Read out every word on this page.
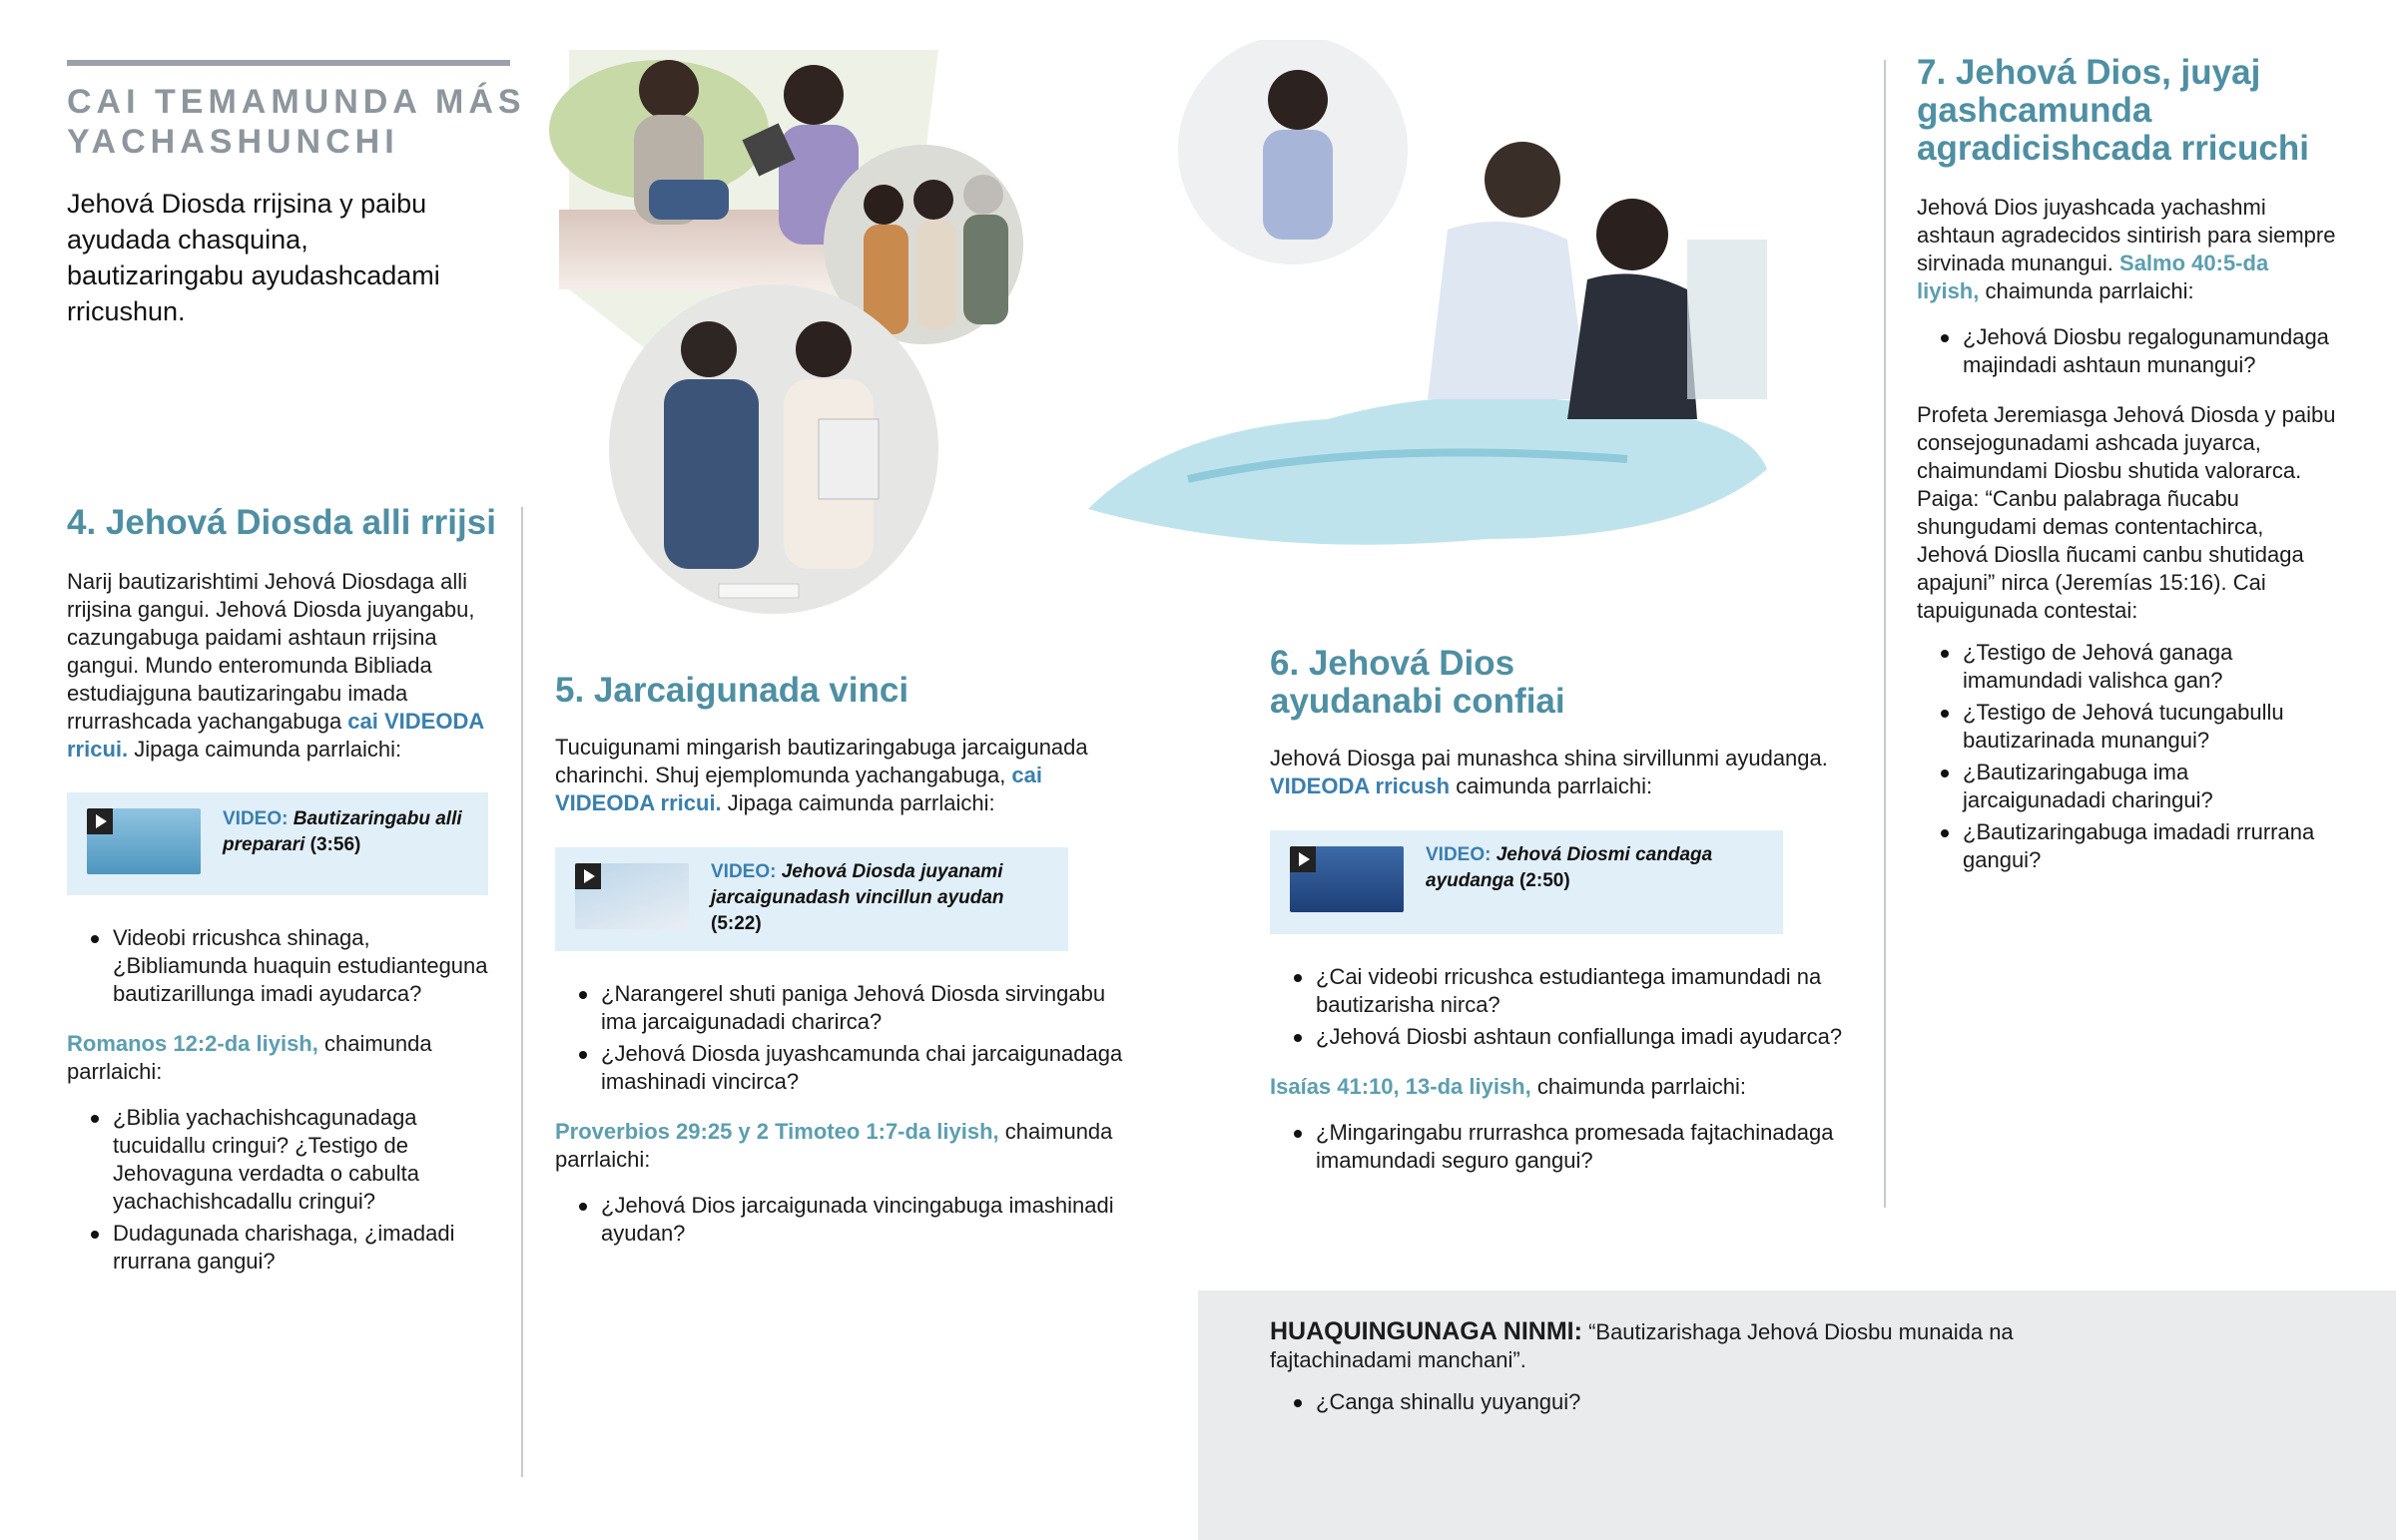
CAI TEMAMUNDA MÁS YACHASHUNCHI
Jehová Diosda rrijsina y paibu ayudada chasquina, bautizaringabu ayudashcadami rricushun.
4. Jehová Diosda alli rrijsi
Narij bautizarishtimi Jehová Diosdaga alli rrijsina gangui. Jehová Diosda juyangabu, cazungabuga paidami ashtaun rrijsina gangui. Mundo enteromunda Bibliada estudiajguna bautizaringabu imada rrurrashcada yachangabuga cai VIDEODA rricui. Jipaga caimunda parrlaichi:
VIDEO: Bautizaringabu alli preparari (3:56)
Videobi rricushca shinaga, ¿Bibliamunda huaquin estudianteguna bautizarillunga imadi ayudarca?
Romanos 12:2-da liyish, chaimunda parrlaichi:
¿Biblia yachachishcagunadaga tucuidallu cringui? ¿Testigo de Jehovaguna verdadta o cabulta yachachishcadallu cringui?
Dudagunada charishaga, ¿imadadi rrurrana gangui?
5. Jarcaigunada vinci
Tucuigunami mingarish bautizaringabuga jarcaigunada charinchi. Shuj ejemplomunda yachangabuga, cai VIDEODA rricui. Jipaga caimunda parrlaichi:
VIDEO: Jehová Diosda juyanami jarcaigunadash vincillun ayudan (5:22)
¿Narangerel shuti paniga Jehová Diosda sirvingabu ima jarcaigunadadi charirca?
¿Jehová Diosda juyashcamunda chai jarcaigunadaga imashinadi vincirca?
Proverbios 29:25 y 2 Timoteo 1:7-da liyish, chaimunda parrlaichi:
¿Jehová Dios jarcaigunada vincingabuga imashinadi ayudan?
6. Jehová Dios
ayudanabi confiai
Jehová Diosga pai munashca shina sirvillunmi ayudanga. VIDEODA rricush caimunda parrlaichi:
VIDEO: Jehová Diosmi candaga ayudanga (2:50)
¿Cai videobi rricushca estudiantega imamundadi na bautizarisha nirca?
¿Jehová Diosbi ashtaun confiallunga imadi ayudarca?
Isaías 41:10, 13-da liyish, chaimunda parrlaichi:
¿Mingaringabu rrurrashca promesada fajtachinadaga imamundadi seguro gangui?
7. Jehová Dios, juyaj gashcamunda agradicishcada rricuchi
Jehová Dios juyashcada yachashmi ashtaun agradecidos sintirish para siempre sirvinada munangui. Salmo 40:5-da liyish, chaimunda parrlaichi:
¿Jehová Diosbu regalogunamundaga majindadi ashtaun munangui?
Profeta Jeremiasga Jehová Diosda y paibu consejogunadami ashcada juyarca, chaimundami Diosbu shutida valorarca. Paiga: “Canbu palabraga ñucabu shungudami demas contentachirca, Jehová Dioslla ñucami canbu shutidaga apajuni” nirca (Jeremías 15:16). Cai tapuigunada contestai:
¿Testigo de Jehová ganaga imamundadi valishca gan?
¿Testigo de Jehová tucungabullu bautizarinada munangui?
¿Bautizaringabuga ima jarcaigunadadi charingui?
¿Bautizaringabuga imadadi rrurrana gangui?
HUAQUINGUNAGA NINMI: “Bautizarishaga Jehová Diosbu munaida na fajtachinadami manchani”.
¿Canga shinallu yuyangui?
